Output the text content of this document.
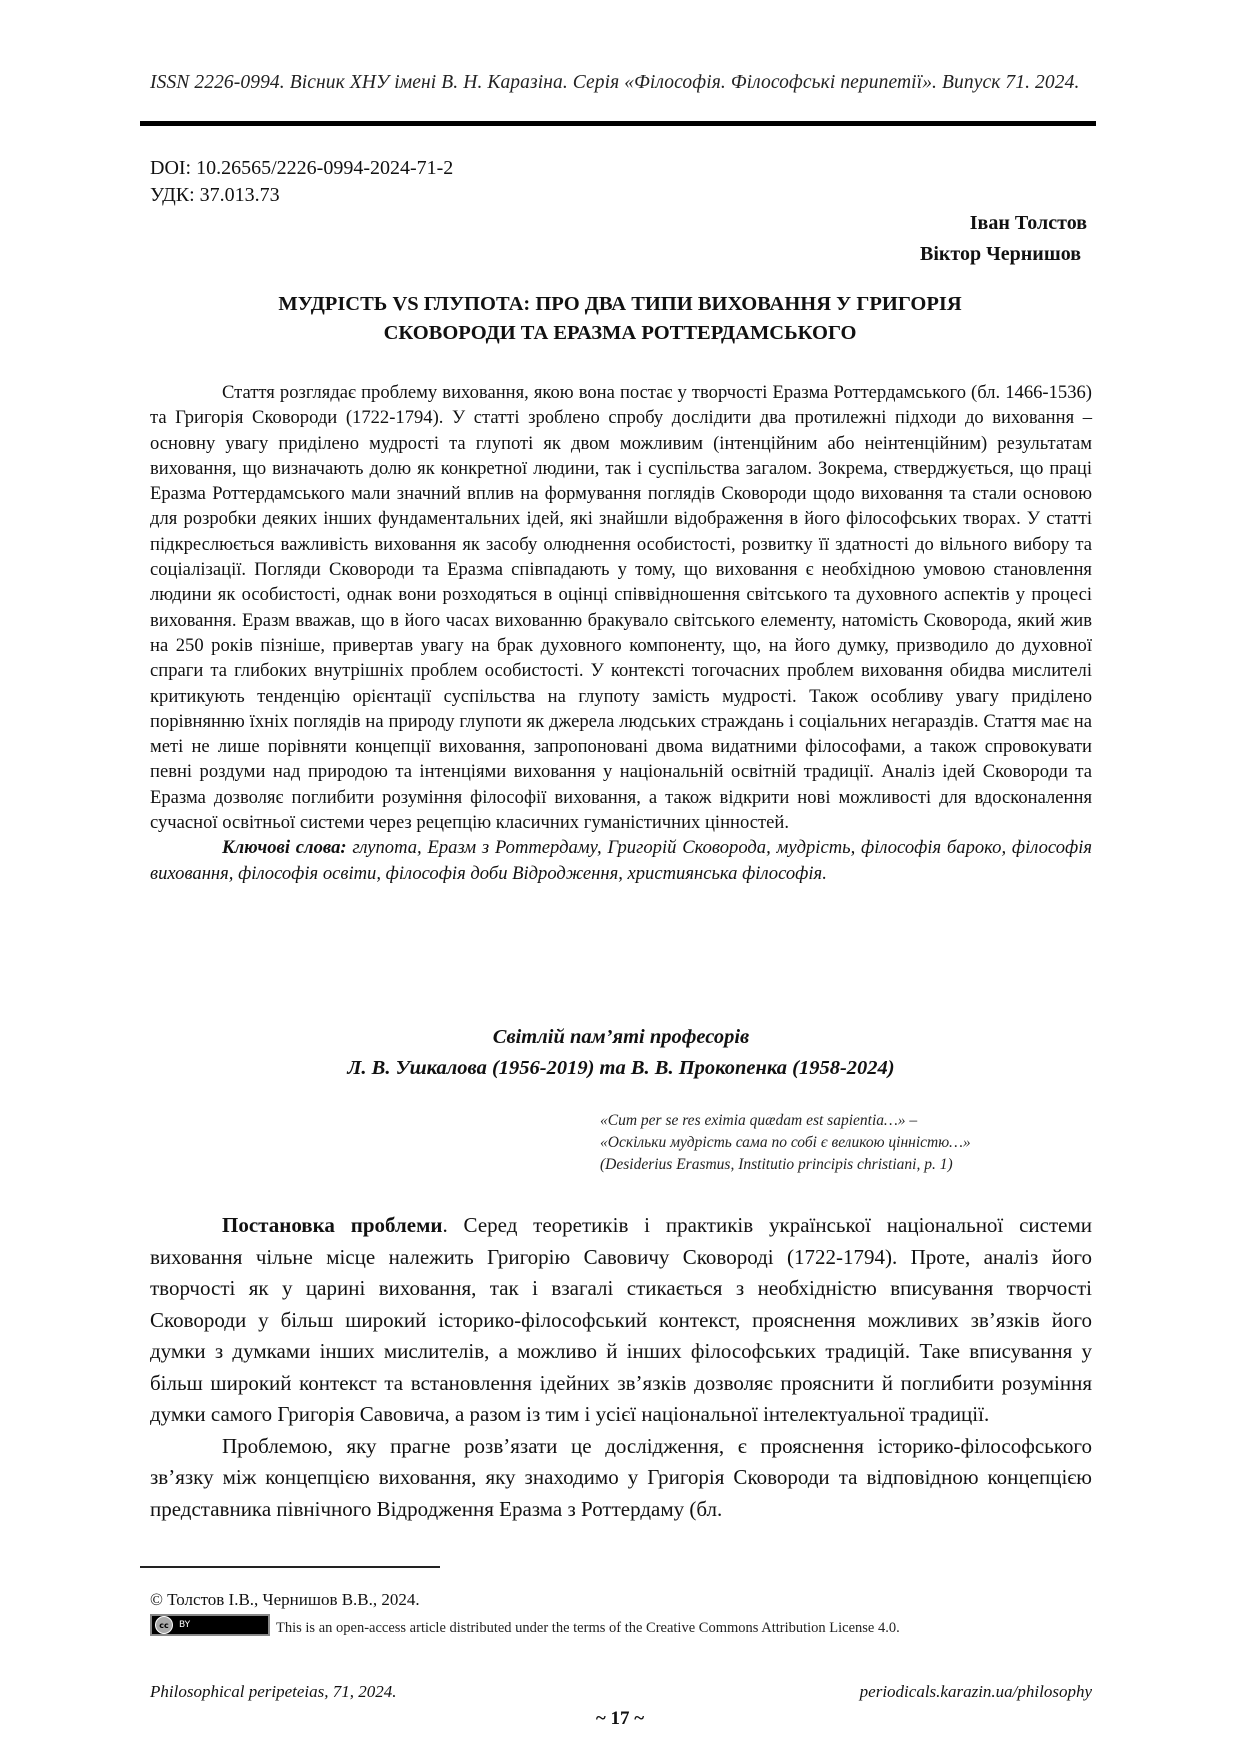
ISSN 2226-0994. Вісник ХНУ імені В. Н. Каразіна. Серія «Філософія. Філософські перипетії». Випуск 71. 2024.
DOI: 10.26565/2226-0994-2024-71-2
УДК: 37.013.73
Іван Толстов
Віктор Чернишов
МУДРІСТЬ VS ГЛУПОТА: ПРО ДВА ТИПИ ВИХОВАННЯ У ГРИГОРІЯ
СКОВОРОДИ ТА ЕРАЗМА РОТТЕРДАМСЬКОГО

Стаття розглядає проблему виховання, якою вона постає у творчості Еразма Роттердамського (бл. 1466-1536) та Григорія Сковороди (1722-1794). У статті зроблено спробу дослідити два протилежні підходи до виховання – основну увагу приділено мудрості та глупоті як двом можливим (інтенційним або неінтенційним) результатам виховання, що визначають долю як конкретної людини, так і суспільства загалом. Зокрема, стверджується, що праці Еразма Роттердамського мали значний вплив на формування поглядів Сковороди щодо виховання та стали основою для розробки деяких інших фундаментальних ідей, які знайшли відображення в його філософських творах. У статті підкреслюється важливість виховання як засобу олюднення особистості, розвитку її здатності до вільного вибору та соціалізації. Погляди Сковороди та Еразма співпадають у тому, що виховання є необхідною умовою становлення людини як особистості, однак вони розходяться в оцінці співвідношення світського та духовного аспектів у процесі виховання. Еразм вважав, що в його часах вихованню бракувало світського елементу, натомість Сковорода, який жив на 250 років пізніше, привертав увагу на брак духовного компоненту, що, на його думку, призводило до духовної спраги та глибоких внутрішніх проблем особистості. У контексті тогочасних проблем виховання обидва мислителі критикують тенденцію орієнтації суспільства на глупоту замість мудрості. Також особливу увагу приділено порівнянню їхніх поглядів на природу глупоти як джерела людських страждань і соціальних негараздів. Стаття має на меті не лише порівняти концепції виховання, запропоновані двома видатними філософами, а також спровокувати певні роздуми над природою та інтенціями виховання у національній освітній традиції. Аналіз ідей Сковороди та Еразма дозволяє поглибити розуміння філософії виховання, а також відкрити нові можливості для вдосконалення сучасної освітньої системи через рецепцію класичних гуманістичних цінностей.

Ключові слова: глупота, Еразм з Роттердаму, Григорій Сковорода, мудрість, філософія бароко, філософія виховання, філософія освіти, філософія доби Відродження, християнська філософія.

Світлій пам’яті професорів
Л. В. Ушкалова (1956-2019) та В. В. Прокопенка (1958-2024)
«Cum per se res eximia quædam est sapientia…» –
«Оскільки мудрість сама по собі є великою цінністю…»
(Desiderius Erasmus, Institutio principis christiani, p. 1)

Постановка проблеми. Серед теоретиків і практиків української національної системи виховання чільне місце належить Григорію Савовичу Сковороді (1722-1794). Проте, аналіз його творчості як у царині виховання, так і взагалі стикається з необхідністю вписування творчості Сковороди у більш широкий історико-філософський контекст, прояснення можливих зв’язків його думки з думками інших мислителів, а можливо й інших філософських традицій. Таке вписування у більш широкий контекст та встановлення ідейних зв’язків дозволяє прояснити й поглибити розуміння думки самого Григорія Савовича, а разом із тим і усієї національної інтелектуальної традиції.

Проблемою, яку прагне розв’язати це дослідження, є прояснення історико-філософського зв’язку між концепцією виховання, яку знаходимо у Григорія Сковороди та відповідною концепцією представника північного Відродження Еразма з Роттердаму (бл.

© Толстов І.В., Чернишов В.В., 2024.
cc	BY	This is an open-access article distributed under the terms of the Creative Commons Attribution License 4.0.
Philosophical peripeteias, 71, 2024.	periodicals.karazin.ua/philosophy
~ 17 ~
